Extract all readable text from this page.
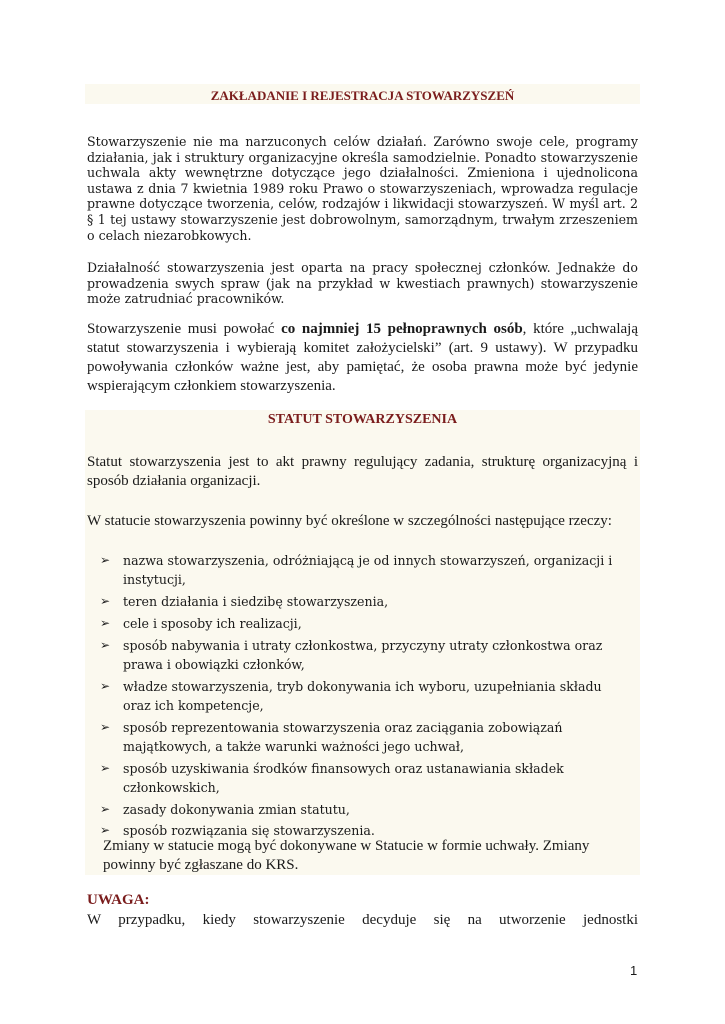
ZAKŁADANIE I REJESTRACJA STOWARZYSZEŃ
Stowarzyszenie nie ma narzuconych celów działań. Zarówno swoje cele, programy działania, jak i struktury organizacyjne określa samodzielnie. Ponadto stowarzyszenie uchwala akty wewnętrzne dotyczące jego działalności. Zmieniona i ujednolicona ustawa z dnia 7 kwietnia 1989 roku Prawo o stowarzyszeniach, wprowadza regulacje prawne dotyczące tworzenia, celów, rodzajów i likwidacji stowarzyszeń. W myśl art. 2 § 1 tej ustawy stowarzyszenie jest dobrowolnym, samorządnym, trwałym zrzeszeniem o celach niezarobkowych.
Działalność stowarzyszenia jest oparta na pracy społecznej członków. Jednakże do prowadzenia swych spraw (jak na przykład w kwestiach prawnych) stowarzyszenie może zatrudniać pracowników.
Stowarzyszenie musi powołać co najmniej 15 pełnoprawnych osób, które „uchwalają statut stowarzyszenia i wybierają komitet założycielski” (art. 9 ustawy). W przypadku powoływania członków ważne jest, aby pamiętać, że osoba prawna może być jedynie wspierającym członkiem stowarzyszenia.
STATUT STOWARZYSZENIA
Statut stowarzyszenia jest to akt prawny regulujący zadania, strukturę organizacyjną i sposób działania organizacji.
W statucie stowarzyszenia powinny być określone w szczególności następujące rzeczy:
➢ nazwa stowarzyszenia, odróżniającą je od innych stowarzyszeń, organizacji i instytucji,
➢ teren działania i siedzibę stowarzyszenia,
➢ cele i sposoby ich realizacji,
➢ sposób nabywania i utraty członkostwa, przyczyny utraty członkostwa oraz prawa i obowiązki członków,
➢ władze stowarzyszenia, tryb dokonywania ich wyboru, uzupełniania składu oraz ich kompetencje,
➢ sposób reprezentowania stowarzyszenia oraz zaciągania zobowiązań majątkowych, a także warunki ważności jego uchwał,
➢ sposób uzyskiwania środków finansowych oraz ustanawiania składek członkowskich,
➢ zasady dokonywania zmian statutu,
➢ sposób rozwiązania się stowarzyszenia.
Zmiany w statucie mogą być dokonywane w Statucie w formie uchwały. Zmiany powinny być zgłaszane do KRS.
UWAGA:
W przypadku, kiedy stowarzyszenie decyduje się na utworzenie jednostki
1
